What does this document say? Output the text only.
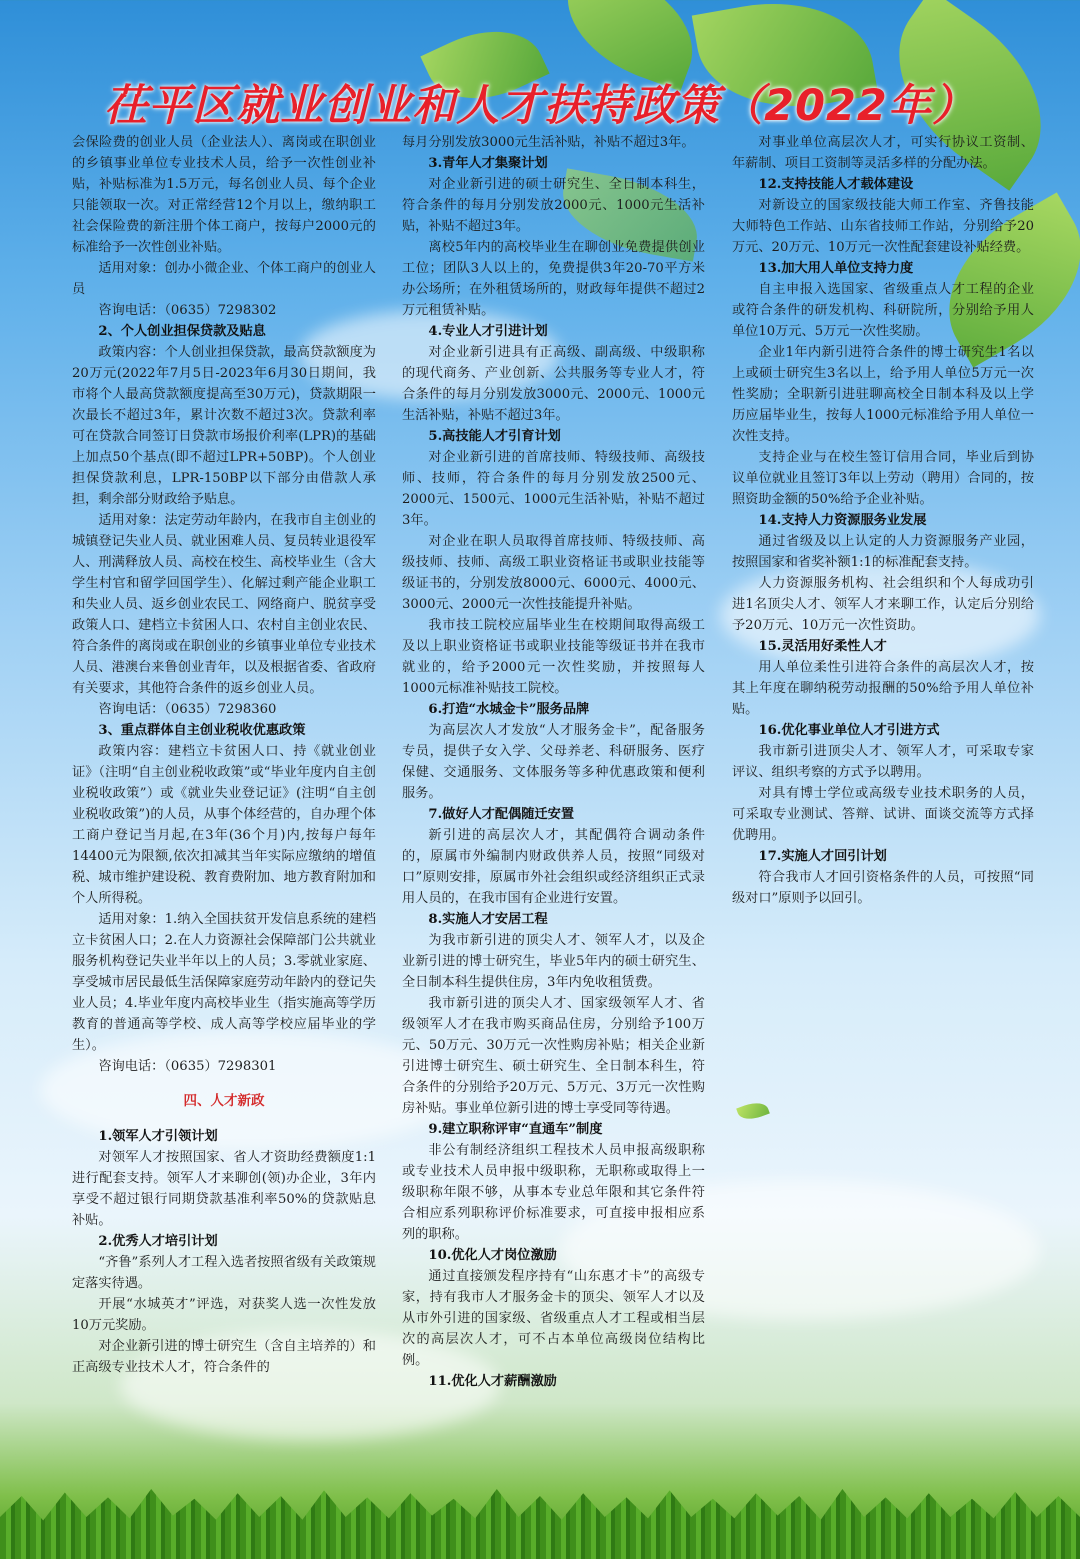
茌平区就业创业和人才扶持政策（2022年）

会保险费的创业人员（企业法人）、离岗或在职创业的乡镇事业单位专业技术人员，给予一次性创业补贴，补贴标准为1.5万元，每名创业人员、每个企业只能领取一次。对正常经营12个月以上，缴纳职工社会保险费的新注册个体工商户，按每户2000元的标准给予一次性创业补贴。

适用对象：创办小微企业、个体工商户的创业人员

咨询电话：（0635）7298302

2、个人创业担保贷款及贴息

政策内容：个人创业担保贷款，最高贷款额度为20万元(2022年7月5日-2023年6月30日期间，我市将个人最高贷款额度提高至30万元)，贷款期限一次最长不超过3年，累计次数不超过3次。贷款利率可在贷款合同签订日贷款市场报价利率(LPR)的基础上加点50个基点(即不超过LPR+50BP)。个人创业担保贷款利息，LPR-150BP以下部分由借款人承担，剩余部分财政给予贴息。

适用对象：法定劳动年龄内，在我市自主创业的城镇登记失业人员、就业困难人员、复员转业退役军人、刑满释放人员、高校在校生、高校毕业生（含大学生村官和留学回国学生）、化解过剩产能企业职工和失业人员、返乡创业农民工、网络商户、脱贫享受政策人口、建档立卡贫困人口、农村自主创业农民、符合条件的离岗或在职创业的乡镇事业单位专业技术人员、港澳台来鲁创业青年，以及根据省委、省政府有关要求，其他符合条件的返乡创业人员。

咨询电话：（0635）7298360

3、重点群体自主创业税收优惠政策

政策内容：建档立卡贫困人口、持《就业创业证》（注明“自主创业税收政策”或“毕业年度内自主创业税收政策”）或《就业失业登记证》(注明“自主创业税收政策”)的人员，从事个体经营的，自办理个体工商户登记当月起,在3年(36个月)内,按每户每年14400元为限额,依次扣减其当年实际应缴纳的增值税、城市维护建设税、教育费附加、地方教育附加和个人所得税。

适用对象：1.纳入全国扶贫开发信息系统的建档立卡贫困人口；2.在人力资源社会保障部门公共就业服务机构登记失业半年以上的人员；3.零就业家庭、享受城市居民最低生活保障家庭劳动年龄内的登记失业人员；4.毕业年度内高校毕业生（指实施高等学历教育的普通高等学校、成人高等学校应届毕业的学生）。

咨询电话：（0635）7298301

四、人才新政
1.领军人才引领计划

对领军人才按照国家、省人才资助经费额度1:1进行配套支持。领军人才来聊创(领)办企业，3年内享受不超过银行同期贷款基准利率50%的贷款贴息补贴。

2.优秀人才培引计划

“齐鲁”系列人才工程入选者按照省级有关政策规定落实待遇。

开展“水城英才”评选，对获奖人选一次性发放10万元奖励。

对企业新引进的博士研究生（含自主培养的）和正高级专业技术人才，符合条件的

每月分别发放3000元生活补贴，补贴不超过3年。

3.青年人才集聚计划

对企业新引进的硕士研究生、全日制本科生，符合条件的每月分别发放2000元、1000元生活补贴，补贴不超过3年。

离校5年内的高校毕业生在聊创业免费提供创业工位；团队3人以上的，免费提供3年20-70平方米办公场所；在外租赁场所的，财政每年提供不超过2万元租赁补贴。

4.专业人才引进计划

对企业新引进具有正高级、副高级、中级职称的现代商务、产业创新、公共服务等专业人才，符合条件的每月分别发放3000元、2000元、1000元生活补贴，补贴不超过3年。

5.高技能人才引育计划

对企业新引进的首席技师、特级技师、高级技师、技师，符合条件的每月分别发放2500元、2000元、1500元、1000元生活补贴，补贴不超过3年。

对企业在职人员取得首席技师、特级技师、高级技师、技师、高级工职业资格证书或职业技能等级证书的，分别发放8000元、6000元、4000元、3000元、2000元一次性技能提升补贴。

我市技工院校应届毕业生在校期间取得高级工及以上职业资格证书或职业技能等级证书并在我市就业的，给予2000元一次性奖励，并按照每人1000元标准补贴技工院校。

6.打造“水城金卡”服务品牌

为高层次人才发放“人才服务金卡”，配备服务专员，提供子女入学、父母养老、科研服务、医疗保健、交通服务、文体服务等多种优惠政策和便利服务。

7.做好人才配偶随迁安置

新引进的高层次人才，其配偶符合调动条件的，原属市外编制内财政供养人员，按照“同级对口”原则安排，原属市外社会组织或经济组织正式录用人员的，在我市国有企业进行安置。

8.实施人才安居工程

为我市新引进的顶尖人才、领军人才，以及企业新引进的博士研究生，毕业5年内的硕士研究生、全日制本科生提供住房，3年内免收租赁费。

我市新引进的顶尖人才、国家级领军人才、省级领军人才在我市购买商品住房，分别给予100万元、50万元、30万元一次性购房补贴；相关企业新引进博士研究生、硕士研究生、全日制本科生，符合条件的分别给予20万元、5万元、3万元一次性购房补贴。事业单位新引进的博士享受同等待遇。

9.建立职称评审“直通车”制度

非公有制经济组织工程技术人员申报高级职称或专业技术人员申报中级职称，无职称或取得上一级职称年限不够，从事本专业总年限和其它条件符合相应系列职称评价标准要求，可直接申报相应系列的职称。

10.优化人才岗位激励

通过直接颁发程序持有“山东惠才卡”的高级专家，持有我市人才服务金卡的顶尖、领军人才以及从市外引进的国家级、省级重点人才工程或相当层次的高层次人才，可不占本单位高级岗位结构比例。

11.优化人才薪酬激励

对事业单位高层次人才，可实行协议工资制、年薪制、项目工资制等灵活多样的分配办法。

12.支持技能人才载体建设

对新设立的国家级技能大师工作室、齐鲁技能大师特色工作站、山东省技师工作站，分别给予20万元、20万元、10万元一次性配套建设补贴经费。

13.加大用人单位支持力度

自主申报入选国家、省级重点人才工程的企业或符合条件的研发机构、科研院所，分别给予用人单位10万元、5万元一次性奖励。

企业1年内新引进符合条件的博士研究生1名以上或硕士研究生3名以上，给予用人单位5万元一次性奖励；全职新引进驻聊高校全日制本科及以上学历应届毕业生，按每人1000元标准给予用人单位一次性支持。

支持企业与在校生签订信用合同，毕业后到协议单位就业且签订3年以上劳动（聘用）合同的，按照资助金额的50%给予企业补贴。

14.支持人力资源服务业发展

通过省级及以上认定的人力资源服务产业园，按照国家和省奖补额1:1的标准配套支持。

人力资源服务机构、社会组织和个人每成功引进1名顶尖人才、领军人才来聊工作，认定后分别给予20万元、10万元一次性资助。

15.灵活用好柔性人才

用人单位柔性引进符合条件的高层次人才，按其上年度在聊纳税劳动报酬的50%给予用人单位补贴。

16.优化事业单位人才引进方式

我市新引进顶尖人才、领军人才，可采取专家评议、组织考察的方式予以聘用。

对具有博士学位或高级专业技术职务的人员，可采取专业测试、答辩、试讲、面谈交流等方式择优聘用。

17.实施人才回引计划

符合我市人才回引资格条件的人员，可按照“同级对口”原则予以回引。
